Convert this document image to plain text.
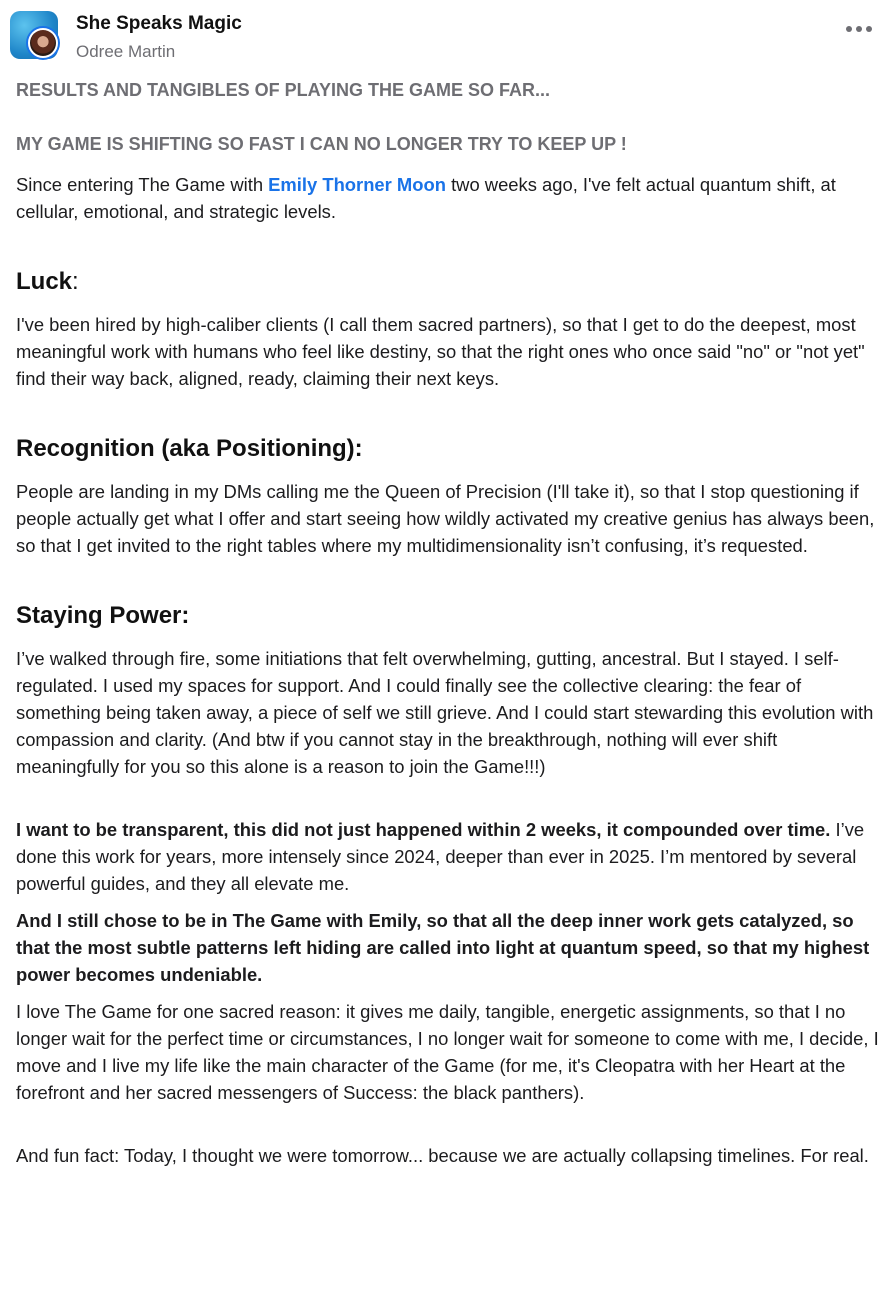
She Speaks Magic
Odree Martin

RESULTS AND TANGIBLES OF PLAYING THE GAME SO FAR...

MY GAME IS SHIFTING SO FAST I CAN NO LONGER TRY TO KEEP UP !

Since entering The Game with Emily Thorner Moon two weeks ago, I've felt actual quantum shift, at cellular, emotional, and strategic levels.

Luck:

I've been hired by high-caliber clients (I call them sacred partners), so that I get to do the deepest, most meaningful work with humans who feel like destiny, so that the right ones who once said "no" or "not yet" find their way back, aligned, ready, claiming their next keys.

Recognition (aka Positioning):

People are landing in my DMs calling me the Queen of Precision (I'll take it), so that I stop questioning if people actually get what I offer and start seeing how wildly activated my creative genius has always been, so that I get invited to the right tables where my multidimensionality isn’t confusing, it’s requested.

Staying Power:

I’ve walked through fire, some initiations that felt overwhelming, gutting, ancestral. But I stayed. I self-regulated. I used my spaces for support. And I could finally see the collective clearing: the fear of something being taken away, a piece of self we still grieve. And I could start stewarding this evolution with compassion and clarity. (And btw if you cannot stay in the breakthrough, nothing will ever shift meaningfully for you so this alone is a reason to join the Game!!!)

I want to be transparent, this did not just happened within 2 weeks, it compounded over time. I’ve done this work for years, more intensely since 2024, deeper than ever in 2025. I’m mentored by several powerful guides, and they all elevate me.

And I still chose to be in The Game with Emily, so that all the deep inner work gets catalyzed, so that the most subtle patterns left hiding are called into light at quantum speed, so that my highest power becomes undeniable.

I love The Game for one sacred reason: it gives me daily, tangible, energetic assignments, so that I no longer wait for the perfect time or circumstances, I no longer wait for someone to come with me, I decide, I move and I live my life like the main character of the Game (for me, it's Cleopatra with her Heart at the forefront and her sacred messengers of Success: the black panthers).

And fun fact: Today, I thought we were tomorrow... because we are actually collapsing timelines. For real.
